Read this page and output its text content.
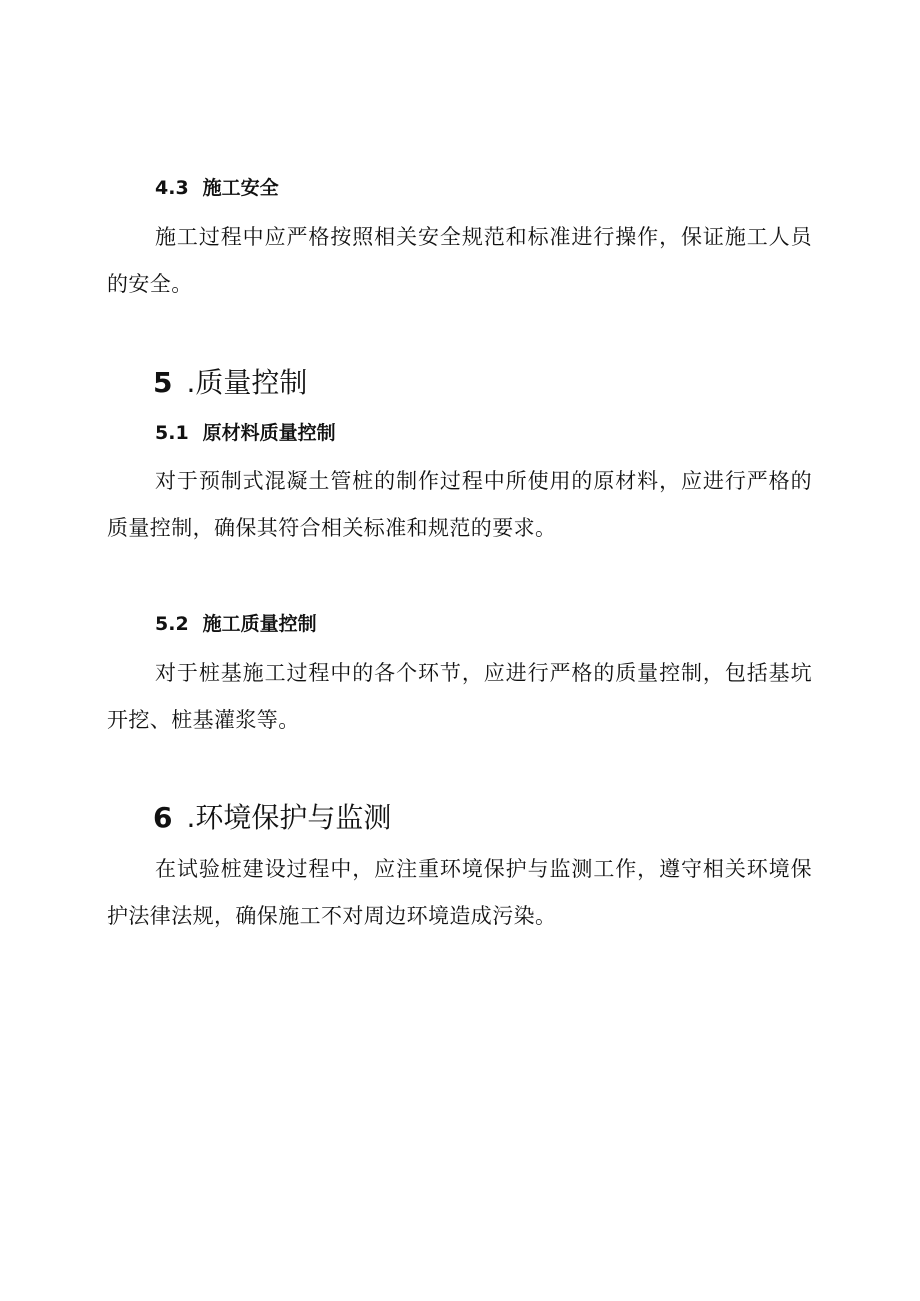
4.3 施工安全

施工过程中应严格按照相关安全规范和标准进行操作，保证施工人员的安全。

5 .质量控制
5.1 原材料质量控制

对于预制式混凝土管桩的制作过程中所使用的原材料，应进行严格的质量控制，确保其符合相关标准和规范的要求。

5.2 施工质量控制

对于桩基施工过程中的各个环节，应进行严格的质量控制，包括基坑开挖、桩基灌浆等。

6 .环境保护与监测

在试验桩建设过程中，应注重环境保护与监测工作，遵守相关环境保护法律法规，确保施工不对周边环境造成污染。
